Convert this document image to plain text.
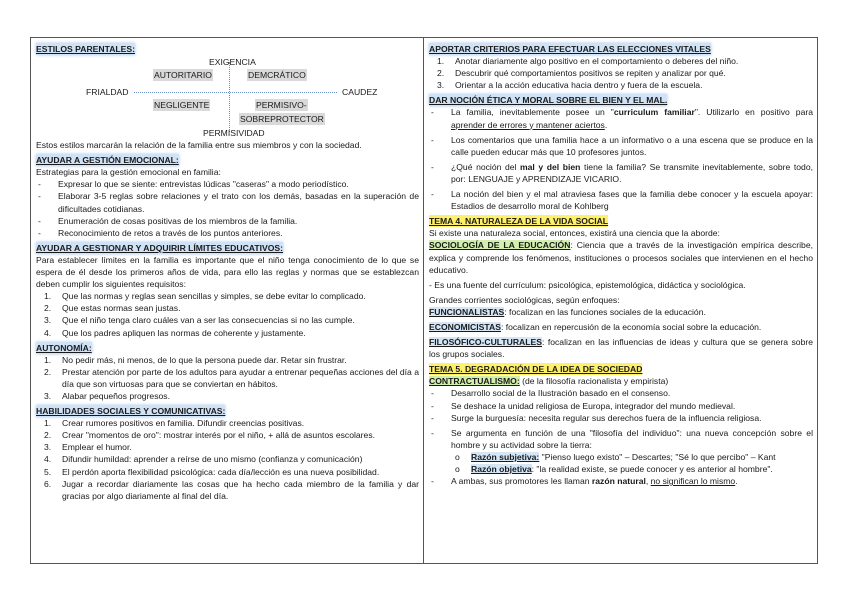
ESTILOS PARENTALES:
EXIGENCIA
AUTORITARIO	DEMCRÁTICO
FRIALDAD	CAUDEZ
NEGLIGENTE	PERMISIVO-
SOBREPROTECTOR
PERMISIVIDAD
Estos estilos marcarán la relación de la familia entre sus miembros y con la sociedad.
AYUDAR A GESTIÓN EMOCIONAL:
Estrategias para la gestión emocional en familia:
-	Expresar lo que se siente: entrevistas lúdicas "caseras" a modo periodístico.
-	Elaborar 3-5 reglas sobre relaciones y el trato con los demás, basadas en la superación de dificultades cotidianas.
-	Enumeración de cosas positivas de los miembros de la familia.
-	Reconocimiento de retos a través de los puntos anteriores.
AYUDAR A GESTIONAR Y ADQUIRIR LÍMITES EDUCATIVOS:
Para establecer límites en la familia es importante que el niño tenga conocimiento de lo que se espera de él desde los primeros años de vida, para ello las reglas y normas que se establezcan deben cumplir los siguientes requisitos:
1.	Que las normas y reglas sean sencillas y simples, se debe evitar lo complicado.
2.	Que estas normas sean justas.
3.	Que el niño tenga claro cuáles van a ser las consecuencias si no las cumple.
4.	Que los padres apliquen las normas de coherente y justamente.
AUTONOMÍA:
1.	No pedir más, ni menos, de lo que la persona puede dar. Retar sin frustrar.
2.	Prestar atención por parte de los adultos para ayudar a entrenar pequeñas acciones del día a día que son virtuosas para que se conviertan en hábitos.
3.	Alabar pequeños progresos.
HABILIDADES SOCIALES Y COMUNICATIVAS:
1.	Crear rumores positivos en familia. Difundir creencias positivas.
2.	Crear "momentos de oro": mostrar interés por el niño, + allá de asuntos escolares.
3.	Emplear el humor.
4.	Difundir humildad: aprender a reírse de uno mismo (confianza y comunicación)
5.	El perdón aporta flexibilidad psicológica: cada día/lección es una nueva posibilidad.
6.	Jugar a recordar diariamente las cosas que ha hecho cada miembro de la familia y dar gracias por algo diariamente al final del día.
APORTAR CRITERIOS PARA EFECTUAR LAS ELECCIONES VITALES
1.	Anotar diariamente algo positivo en el comportamiento o deberes del niño.
2.	Descubrir qué comportamientos positivos se repiten y analizar por qué.
3.	Orientar a la acción educativa hacia dentro y fuera de la escuela.
DAR NOCIÓN ÉTICA Y MORAL SOBRE EL BIEN Y EL MAL.
-	La familia, inevitablemente posee un "curriculum familiar". Utilizarlo en positivo para aprender de errores y mantener aciertos.
-	Los comentarios que una familia hace a un informativo o a una escena que se produce en la calle pueden educar más que 10 profesores juntos.
-	¿Qué noción del mal y del bien tiene la familia? Se transmite inevitablemente, sobre todo, por: LENGUAJE y APRENDIZAJE VICARIO.
-	La noción del bien y el mal atraviesa fases que la familia debe conocer y la escuela apoyar: Estadios de desarrollo moral de Kohlberg
TEMA 4. NATURALEZA DE LA VIDA SOCIAL
Si existe una naturaleza social, entonces, existirá una ciencia que la aborde:
SOCIOLOGÍA DE LA EDUCACIÓN: Ciencia que a través de la investigación empírica describe, explica y comprende los fenómenos, instituciones o procesos sociales que intervienen en el hecho educativo.
- Es una fuente del currículum: psicológica, epistemológica, didáctica y sociológica.
Grandes corrientes sociológicas, según enfoques:
FUNCIONALISTAS: focalizan en las funciones sociales de la educación.
ECONOMICISTAS: focalizan en repercusión de la economía social sobre la educación.
FILOSÓFICO-CULTURALES: focalizan en las influencias de ideas y cultura que se genera sobre los grupos sociales.
TEMA 5. DEGRADACIÓN DE LA IDEA DE SOCIEDAD
CONTRACTUALISMO: (de la filosofía racionalista y empirista)
-	Desarrollo social de la Ilustración basado en el consenso.
-	Se deshace la unidad religiosa de Europa, integrador del mundo medieval.
-	Surge la burguesía: necesita regular sus derechos fuera de la influencia religiosa.
-	Se argumenta en función de una "filosofía del individuo": una nueva concepción sobre el hombre y su actividad sobre la tierra:
o	Razón subjetiva: "Pienso luego existo" – Descartes; "Sé lo que percibo" – Kant
o	Razón objetiva: "la realidad existe, se puede conocer y es anterior al hombre".
-	A ambas, sus promotores les llaman razón natural, no significan lo mismo.
